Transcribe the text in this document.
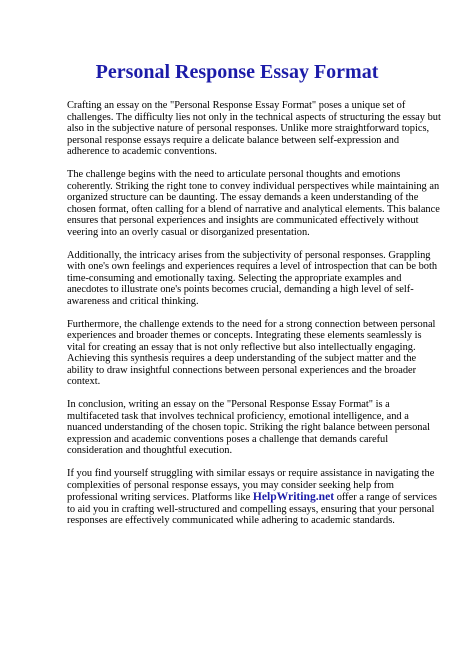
Personal Response Essay Format

Crafting an essay on the "Personal Response Essay Format" poses a unique set of challenges. The difficulty lies not only in the technical aspects of structuring the essay but also in the subjective nature of personal responses. Unlike more straightforward topics, personal response essays require a delicate balance between self-expression and adherence to academic conventions.

The challenge begins with the need to articulate personal thoughts and emotions coherently. Striking the right tone to convey individual perspectives while maintaining an organized structure can be daunting. The essay demands a keen understanding of the chosen format, often calling for a blend of narrative and analytical elements. This balance ensures that personal experiences and insights are communicated effectively without veering into an overly casual or disorganized presentation.

Additionally, the intricacy arises from the subjectivity of personal responses. Grappling with one's own feelings and experiences requires a level of introspection that can be both time-consuming and emotionally taxing. Selecting the appropriate examples and anecdotes to illustrate one's points becomes crucial, demanding a high level of self-awareness and critical thinking.

Furthermore, the challenge extends to the need for a strong connection between personal experiences and broader themes or concepts. Integrating these elements seamlessly is vital for creating an essay that is not only reflective but also intellectually engaging. Achieving this synthesis requires a deep understanding of the subject matter and the ability to draw insightful connections between personal experiences and the broader context.

In conclusion, writing an essay on the "Personal Response Essay Format" is a multifaceted task that involves technical proficiency, emotional intelligence, and a nuanced understanding of the chosen topic. Striking the right balance between personal expression and academic conventions poses a challenge that demands careful consideration and thoughtful execution.

If you find yourself struggling with similar essays or require assistance in navigating the complexities of personal response essays, you may consider seeking help from professional writing services. Platforms like HelpWriting.net offer a range of services to aid you in crafting well-structured and compelling essays, ensuring that your personal responses are effectively communicated while adhering to academic standards.
